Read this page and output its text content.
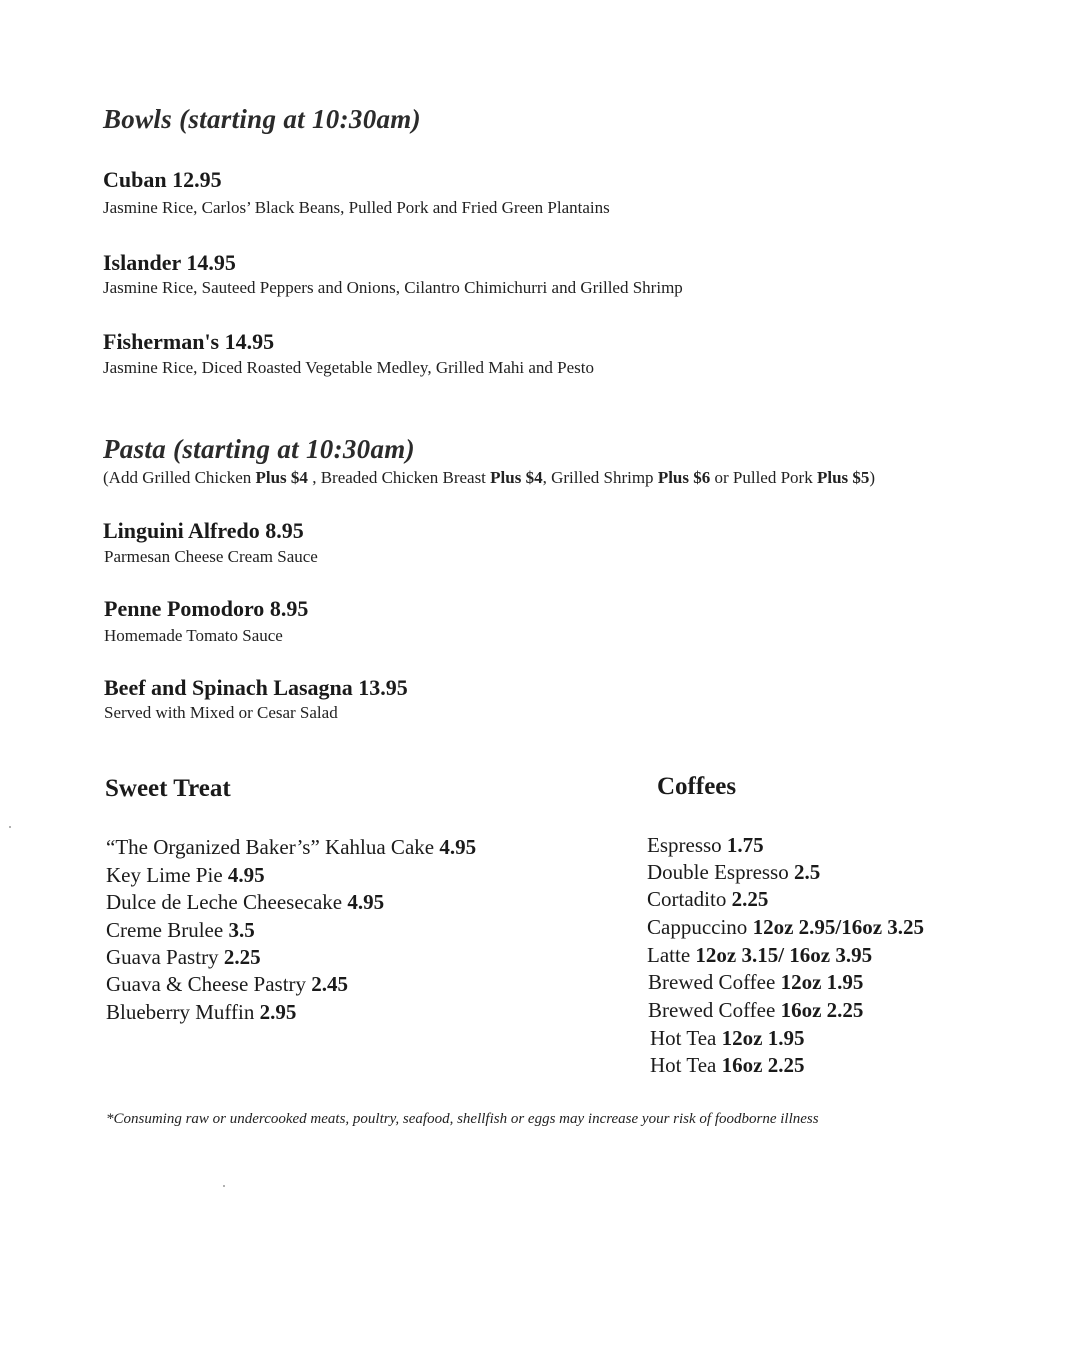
Bowls (starting at 10:30am)
Cuban 12.95
Jasmine Rice, Carlos’ Black Beans, Pulled Pork and Fried Green Plantains
Islander 14.95
Jasmine Rice, Sauteed Peppers and Onions, Cilantro Chimichurri and Grilled Shrimp
Fisherman's 14.95
Jasmine Rice, Diced Roasted Vegetable Medley, Grilled Mahi and Pesto
Pasta (starting at 10:30am)
(Add Grilled Chicken Plus $4 , Breaded Chicken Breast Plus $4, Grilled Shrimp Plus $6 or Pulled Pork Plus $5)
Linguini Alfredo 8.95
Parmesan Cheese Cream Sauce
Penne Pomodoro 8.95
Homemade Tomato Sauce
Beef and Spinach Lasagna 13.95
Served with Mixed or Cesar Salad
Sweet Treat
“The Organized Baker’s” Kahlua Cake 4.95
Key Lime Pie 4.95
Dulce de Leche Cheesecake 4.95
Creme Brulee 3.5
Guava Pastry 2.25
Guava & Cheese Pastry 2.45
Blueberry Muffin 2.95
Coffees
Espresso 1.75
Double Espresso 2.5
Cortadito 2.25
Cappuccino 12oz 2.95/16oz 3.25
Latte 12oz 3.15/ 16oz 3.95
Brewed Coffee 12oz 1.95
Brewed Coffee 16oz 2.25
Hot Tea 12oz 1.95
Hot Tea 16oz 2.25
*Consuming raw or undercooked meats, poultry, seafood, shellfish or eggs may increase your risk of foodborne illness
